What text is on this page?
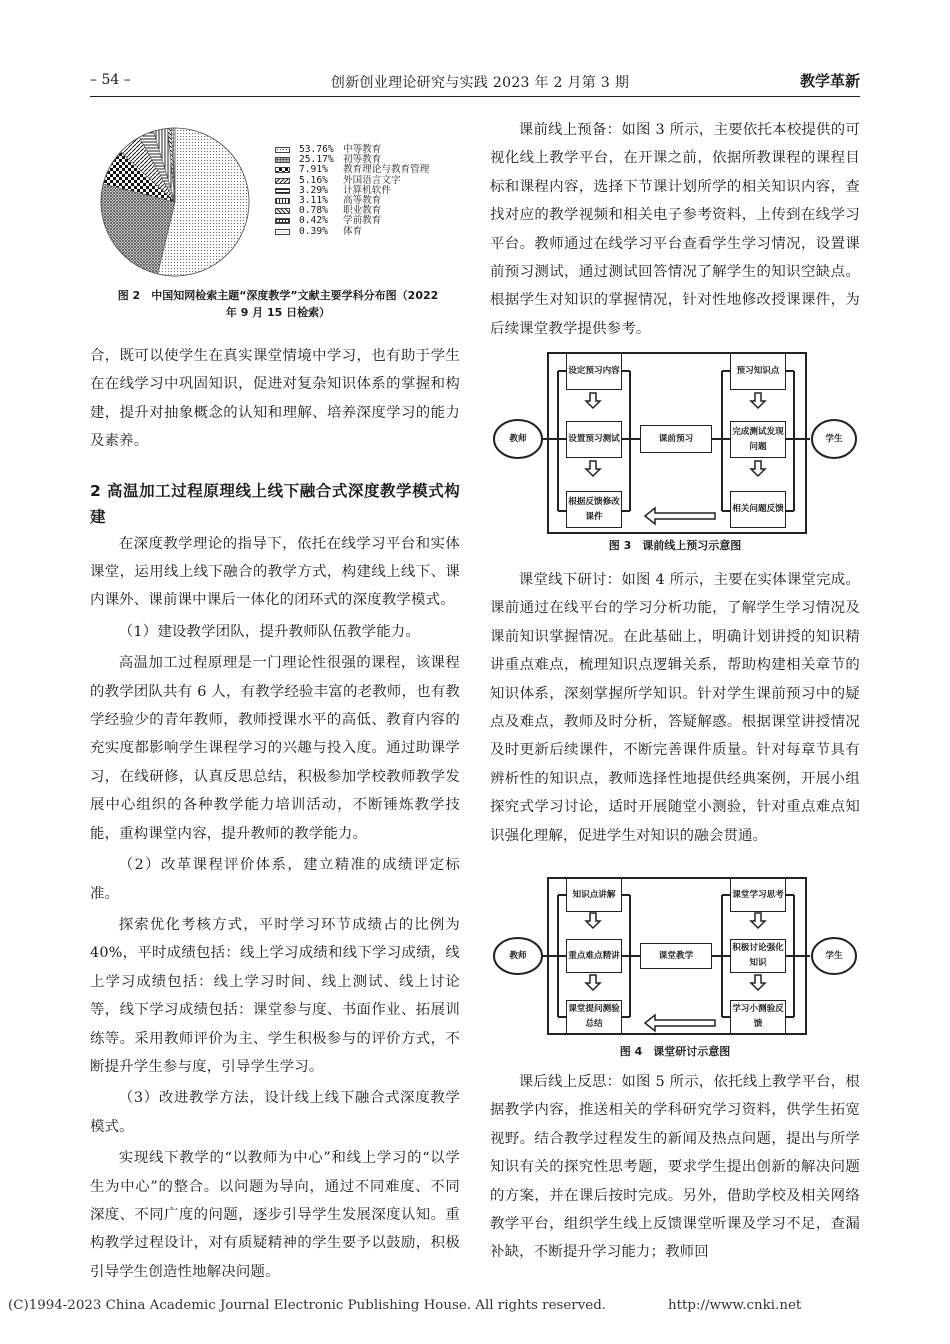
– 54 –	创新创业理论研究与实践 2023 年 2 月第 3 期	教学革新
53.76% 中等教育
25.17% 初等教育
7.91%	教育理论与教育管理
5.16%	外国语言文字
3.29%	计算机软件
3.11%	高等教育
0.78%	职业教育
0.42%	学前教育
0.39%	体育
图 2　中国知网检索主题“深度教学”文献主要学科分布图（2022
年 9 月 15 日检索）

合，既可以使学生在真实课堂情境中学习，也有助于学生在在线学习中巩固知识，促进对复杂知识体系的掌握和构建，提升对抽象概念的认知和理解、培养深度学习的能力及素养。

2 高温加工过程原理线上线下融合式深度教学模式构建

在深度教学理论的指导下，依托在线学习平台和实体课堂，运用线上线下融合的教学方式，构建线上线下、课内课外、课前课中课后一体化的闭环式的深度教学模式。

（1）建设教学团队，提升教师队伍教学能力。

高温加工过程原理是一门理论性很强的课程，该课程的教学团队共有 6 人，有教学经验丰富的老教师，也有教学经验少的青年教师，教师授课水平的高低、教育内容的充实度都影响学生课程学习的兴趣与投入度。通过助课学习，在线研修，认真反思总结，积极参加学校教师教学发展中心组织的各种教学能力培训活动，不断锤炼教学技能，重构课堂内容，提升教师的教学能力。

（2）改革课程评价体系，建立精准的成绩评定标准。

探索优化考核方式，平时学习环节成绩占的比例为 40%，平时成绩包括：线上学习成绩和线下学习成绩，线上学习成绩包括：线上学习时间、线上测试、线上讨论等，线下学习成绩包括：课堂参与度、书面作业、拓展训练等。采用教师评价为主、学生积极参与的评价方式，不断提升学生参与度，引导学生学习。

（3）改进教学方法，设计线上线下融合式深度教学模式。

实现线下教学的“以教师为中心”和线上学习的“以学生为中心”的整合。以问题为导向，通过不同难度、不同深度、不同广度的问题，逐步引导学生发展深度认知。重构教学过程设计，对有质疑精神的学生要予以鼓励，积极引导学生创造性地解决问题。

课前线上预备：如图 3 所示，主要依托本校提供的可视化线上教学平台，在开课之前，依据所教课程的课程目标和课程内容，选择下节课计划所学的相关知识内容，查找对应的教学视频和相关电子参考资料，上传到在线学习平台。教师通过在线学习平台查看学生学习情况，设置课前预习测试，通过测试回答情况了解学生的知识空缺点。根据学生对知识的掌握情况，针对性地修改授课课件，为后续课堂教学提供参考。

教师	学生
设定预习内容
设置预习测试
根据反馈修改课件
课前预习
预习知识点
完成测试发现问题
相关问题反馈
图 3　课前线上预习示意图

课堂线下研讨：如图 4 所示，主要在实体课堂完成。课前通过在线平台的学习分析功能，了解学生学习情况及课前知识掌握情况。在此基础上，明确计划讲授的知识精讲重点难点，梳理知识点逻辑关系，帮助构建相关章节的知识体系，深刻掌握所学知识。针对学生课前预习中的疑点及难点，教师及时分析，答疑解惑。根据课堂讲授情况及时更新后续课件，不断完善课件质量。针对每章节具有辨析性的知识点，教师选择性地提供经典案例，开展小组探究式学习讨论，适时开展随堂小测验，针对重点难点知识强化理解，促进学生对知识的融会贯通。

教师	学生
知识点讲解
重点难点精讲
课堂提问测验总结
课堂教学
课堂学习思考
积极讨论强化知识
学习小测验反馈
图 4　课堂研讨示意图

课后线上反思：如图 5 所示，依托线上教学平台，根据教学内容，推送相关的学科研究学习资料，供学生拓宽视野。结合教学过程发生的新闻及热点问题，提出与所学知识有关的探究性思考题，要求学生提出创新的解决问题的方案，并在课后按时完成。另外，借助学校及相关网络教学平台，组织学生线上反馈课堂听课及学习不足，查漏补缺，不断提升学习能力；教师回

(C)1994-2023 China Academic Journal Electronic Publishing House. All rights reserved.	http://www.cnki.net
